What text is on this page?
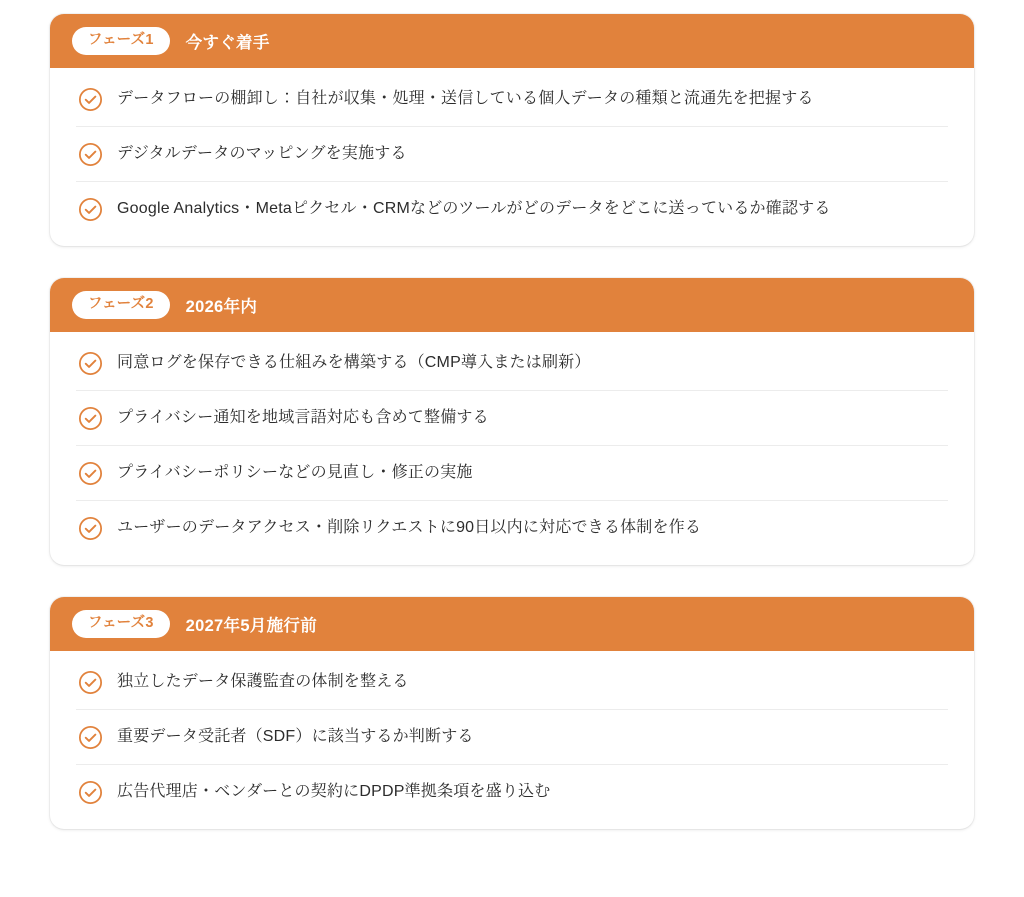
フェーズ1	今すぐ着手
データフローの棚卸し：自社が収集・処理・送信している個人データの種類と流通先を把握する
デジタルデータのマッピングを実施する
Google Analytics・Metaピクセル・CRMなどのツールがどのデータをどこに送っているか確認する
フェーズ2	2026年内
同意ログを保存できる仕組みを構築する（CMP導入または刷新）
プライバシー通知を地域言語対応も含めて整備する
プライバシーポリシーなどの見直し・修正の実施
ユーザーのデータアクセス・削除リクエストに90日以内に対応できる体制を作る
フェーズ3	2027年5月施行前
独立したデータ保護監査の体制を整える
重要データ受託者（SDF）に該当するか判断する
広告代理店・ベンダーとの契約にDPDP準拠条項を盛り込む
